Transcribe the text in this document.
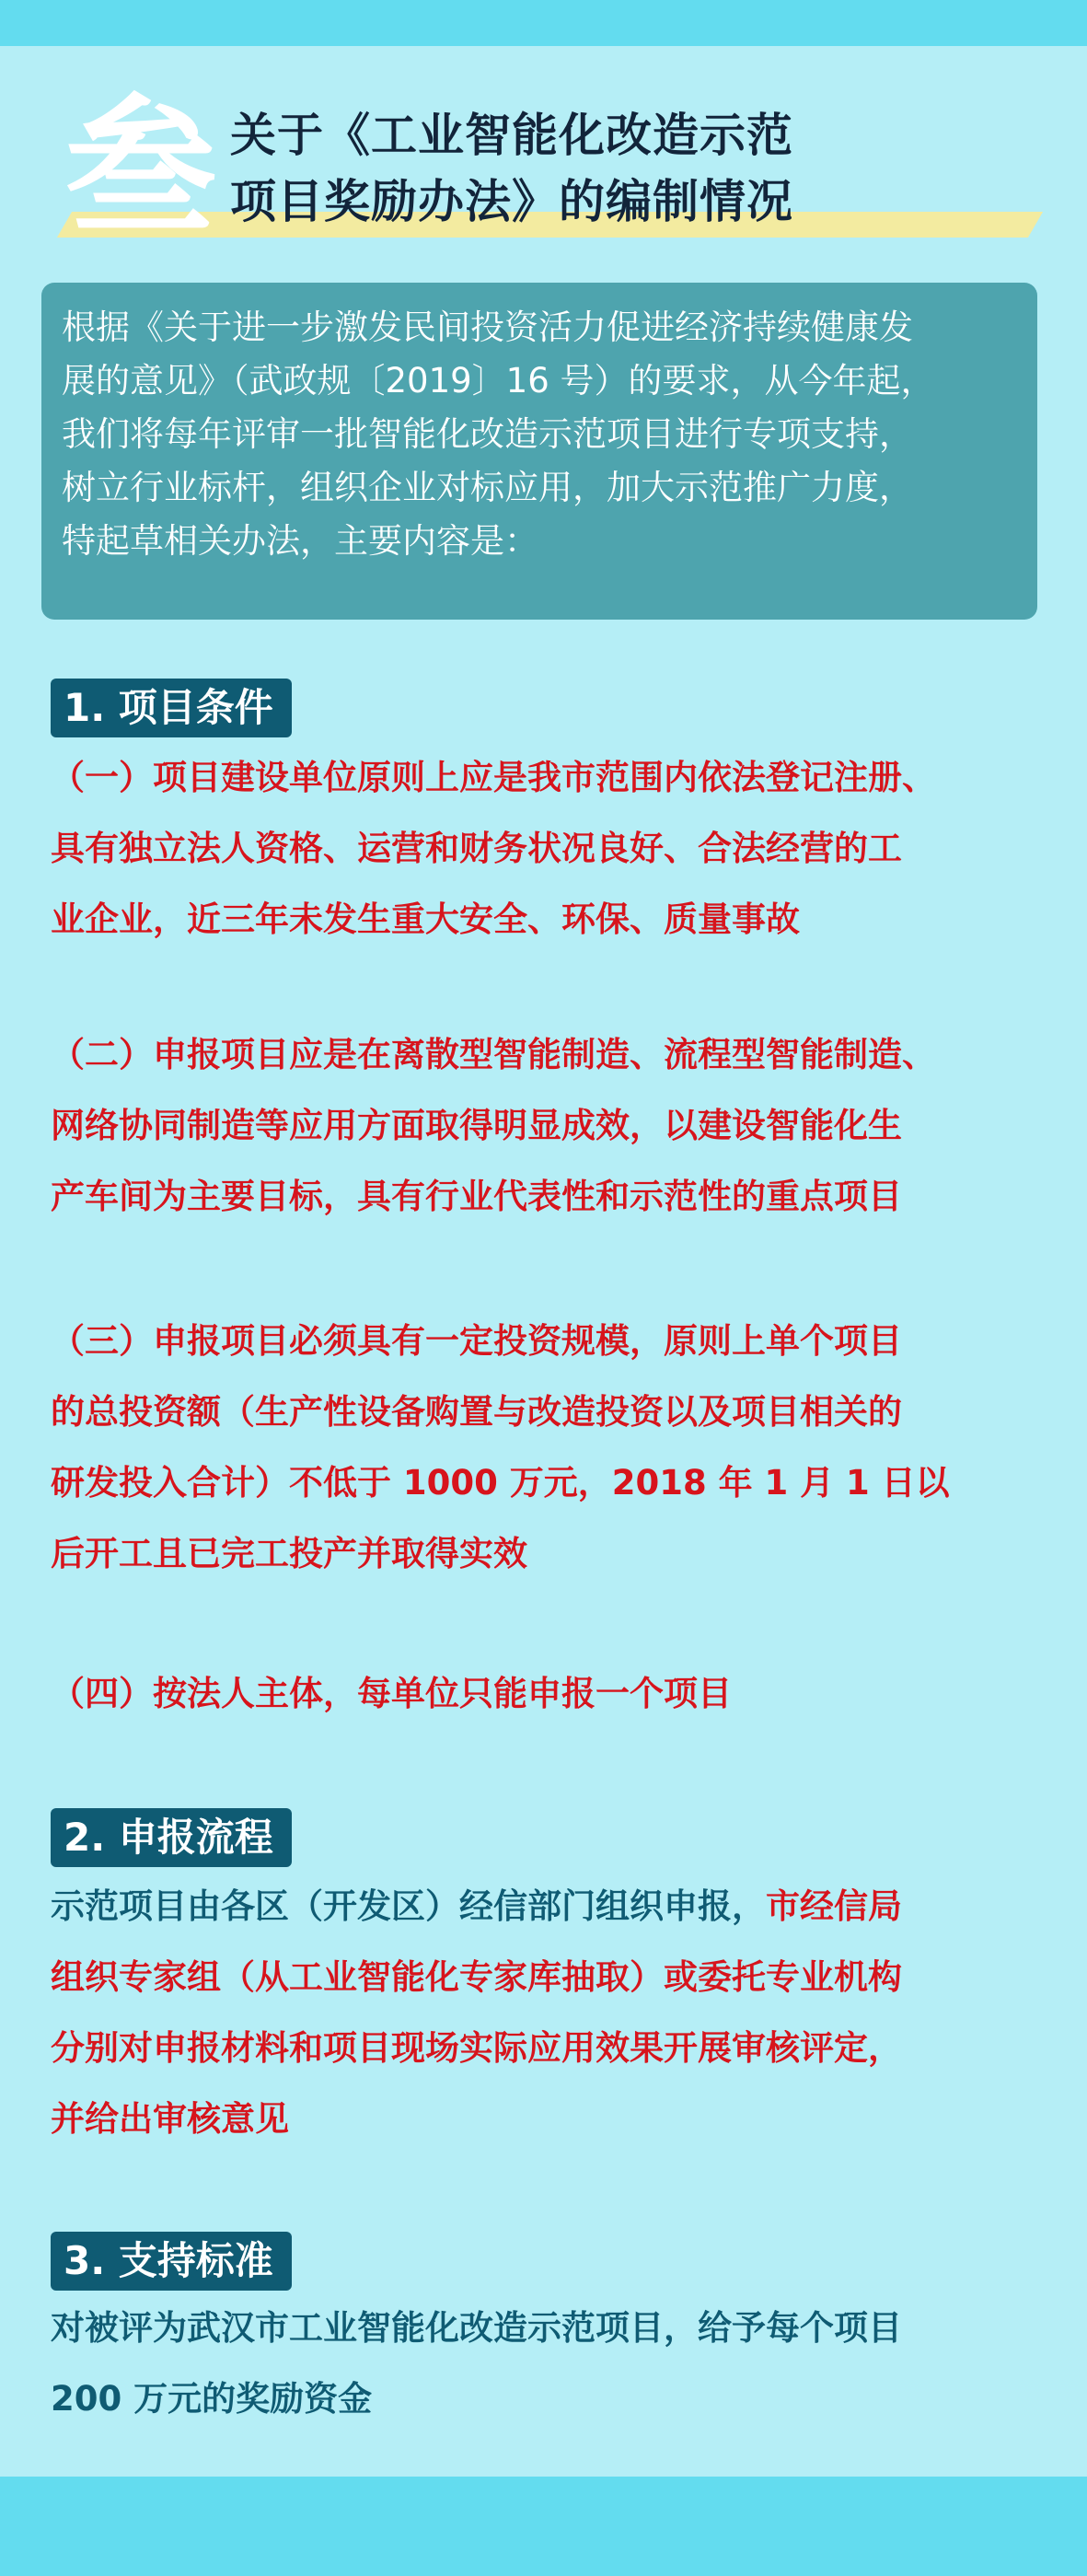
叁 关于《工业智能化改造示范
项目奖励办法》的编制情况
根据《关于进一步激发民间投资活力促进经济持续健康发
展的意见》（武政规〔2019〕16 号）的要求，从今年起，
我们将每年评审一批智能化改造示范项目进行专项支持，
树立行业标杆，组织企业对标应用，加大示范推广力度，
特起草相关办法，主要内容是：
1. 项目条件
（一）项目建设单位原则上应是我市范围内依法登记注册、
具有独立法人资格、运营和财务状况良好、合法经营的工
业企业，近三年未发生重大安全、环保、质量事故
（二）申报项目应是在离散型智能制造、流程型智能制造、
网络协同制造等应用方面取得明显成效，以建设智能化生
产车间为主要目标，具有行业代表性和示范性的重点项目
（三）申报项目必须具有一定投资规模，原则上单个项目
的总投资额（生产性设备购置与改造投资以及项目相关的
研发投入合计）不低于 1000 万元，2018 年 1 月 1 日以
后开工且已完工投产并取得实效
（四）按法人主体，每单位只能申报一个项目
2. 申报流程
示范项目由各区（开发区）经信部门组织申报，市经信局
组织专家组（从工业智能化专家库抽取）或委托专业机构
分别对申报材料和项目现场实际应用效果开展审核评定，
并给出审核意见
3. 支持标准
对被评为武汉市工业智能化改造示范项目，给予每个项目
200 万元的奖励资金
